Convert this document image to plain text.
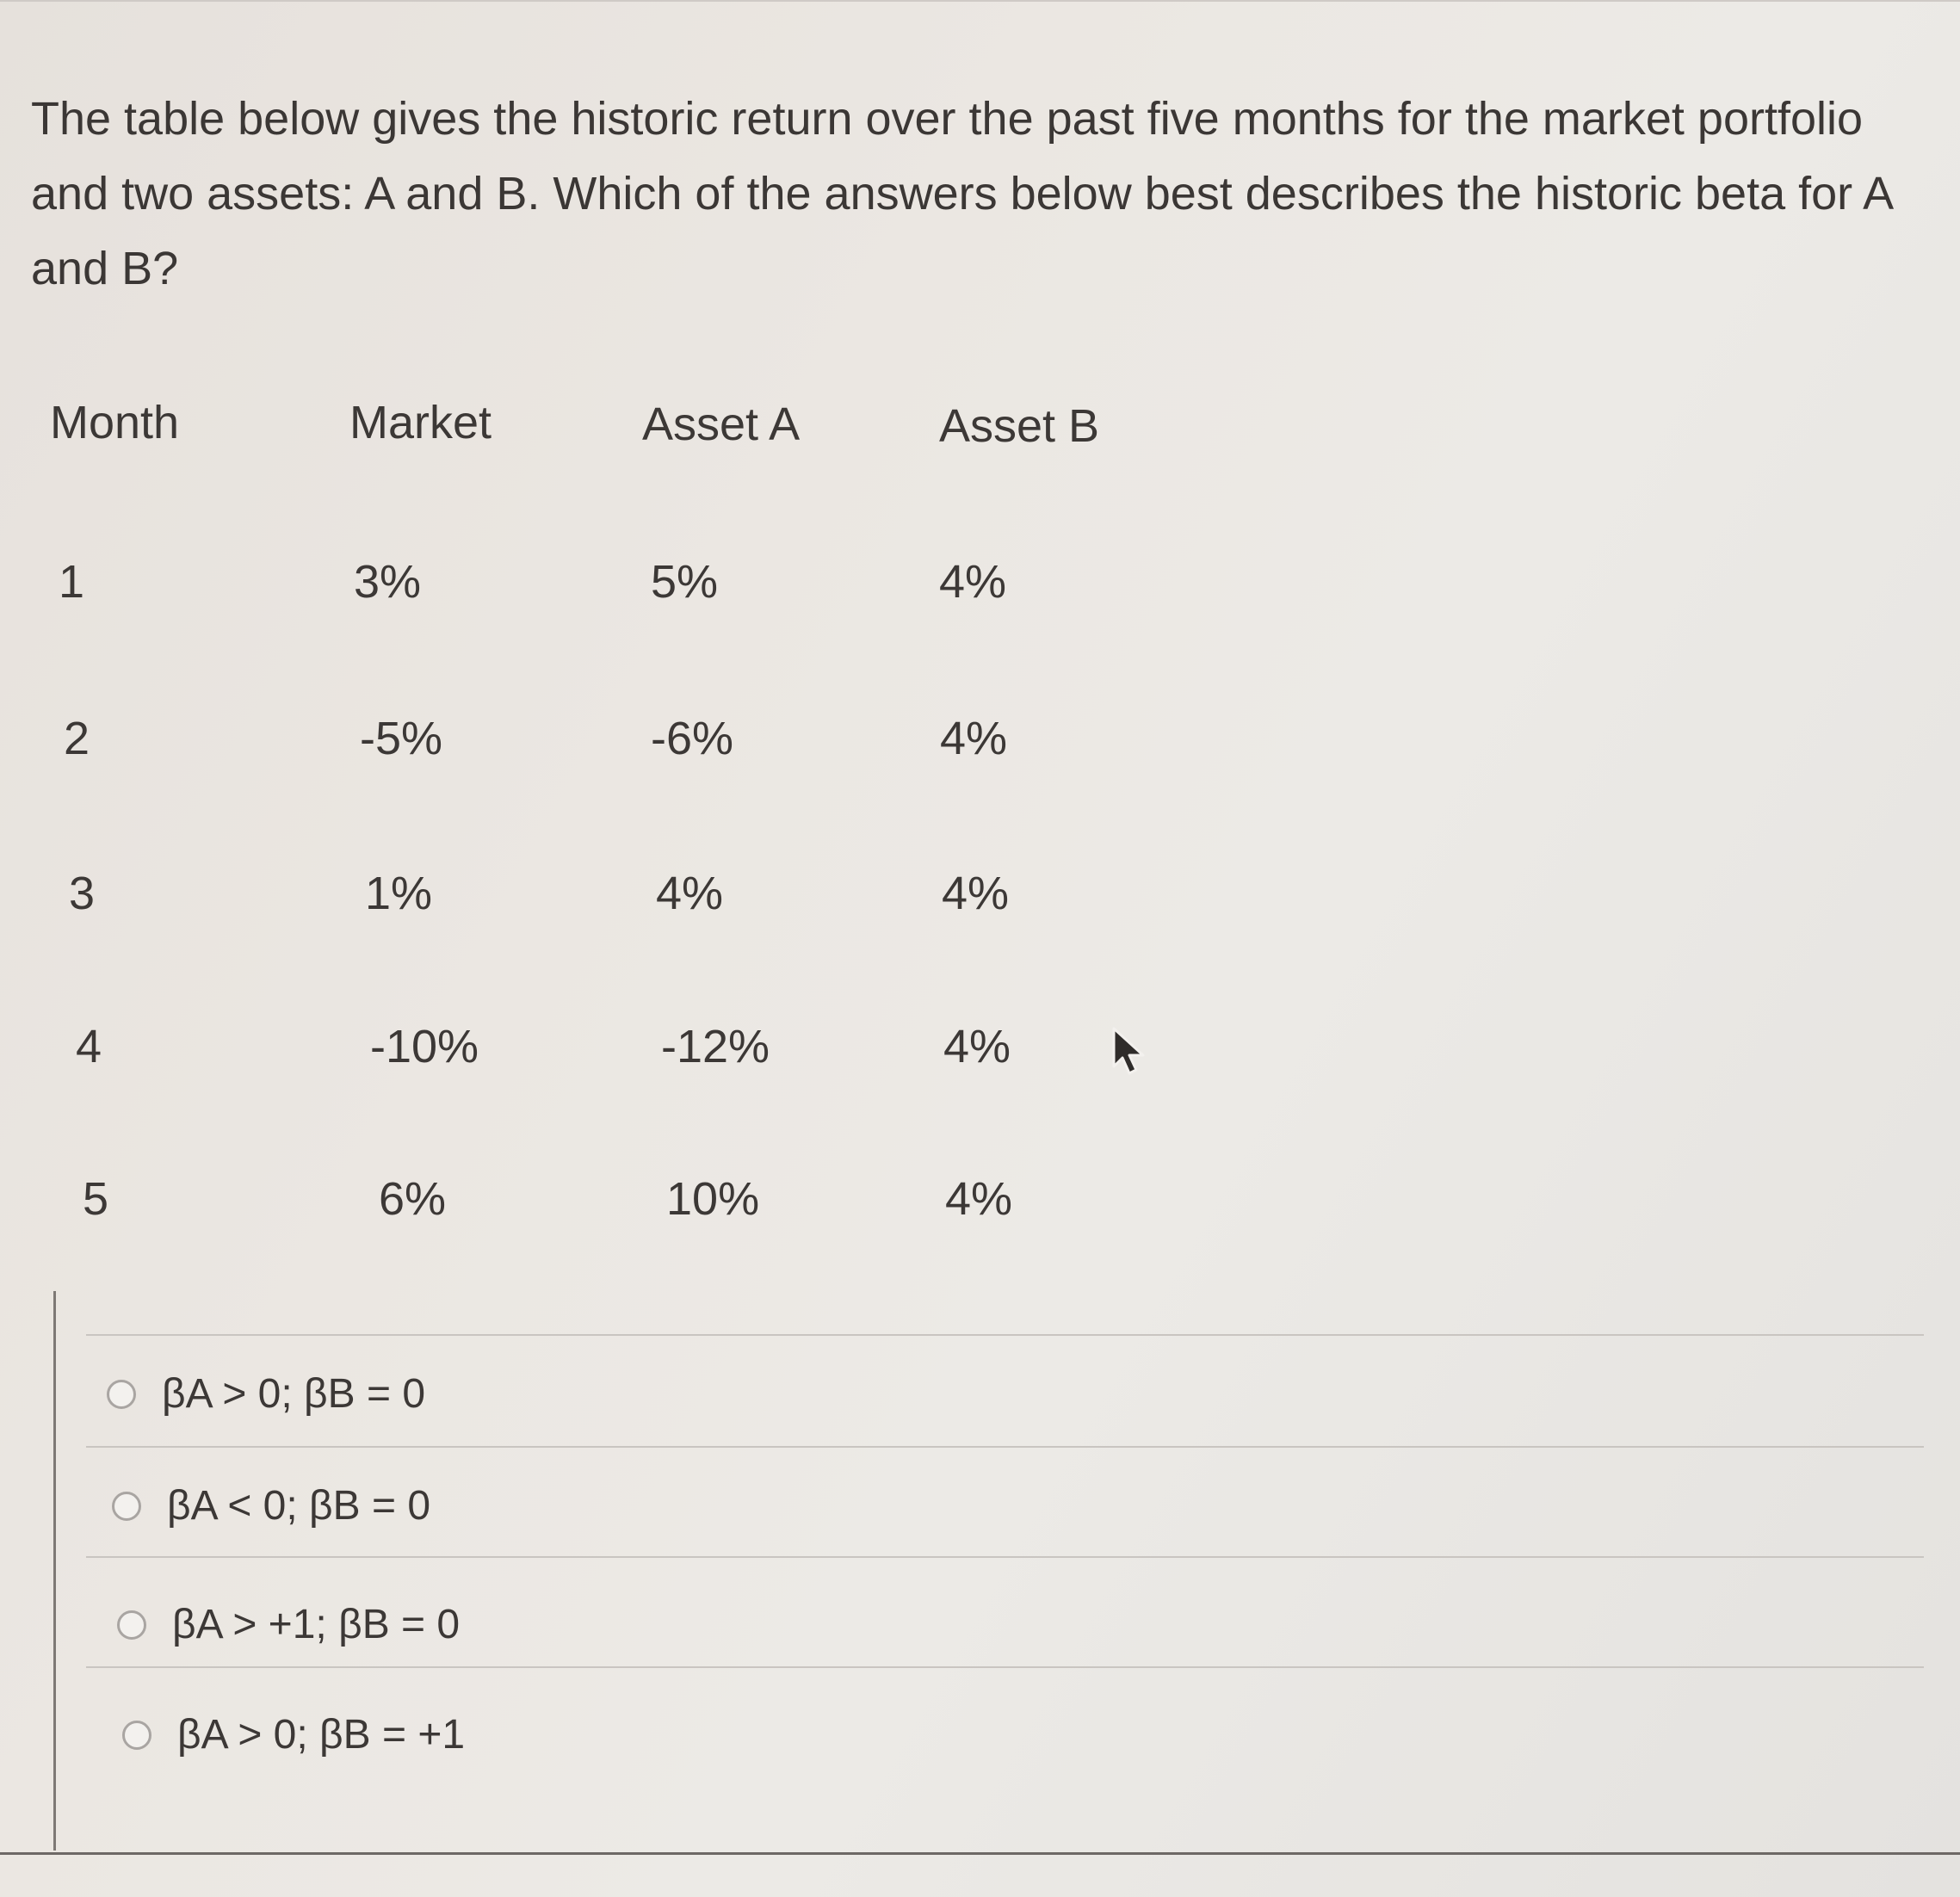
The table below gives the historic return over the past five months for the market portfolio and two assets: A and B. Which of the answers below best describes the historic beta for A and B?
Month	Market	Asset A	Asset B
1	3%	5%	4%
2	-5%	-6%	4%
3	1%	4%	4%
4	-10%	-12%	4%
5	6%	10%	4%
βA > 0; βB = 0
βA < 0; βB = 0
βA > +1; βB = 0
βA > 0; βB = +1
